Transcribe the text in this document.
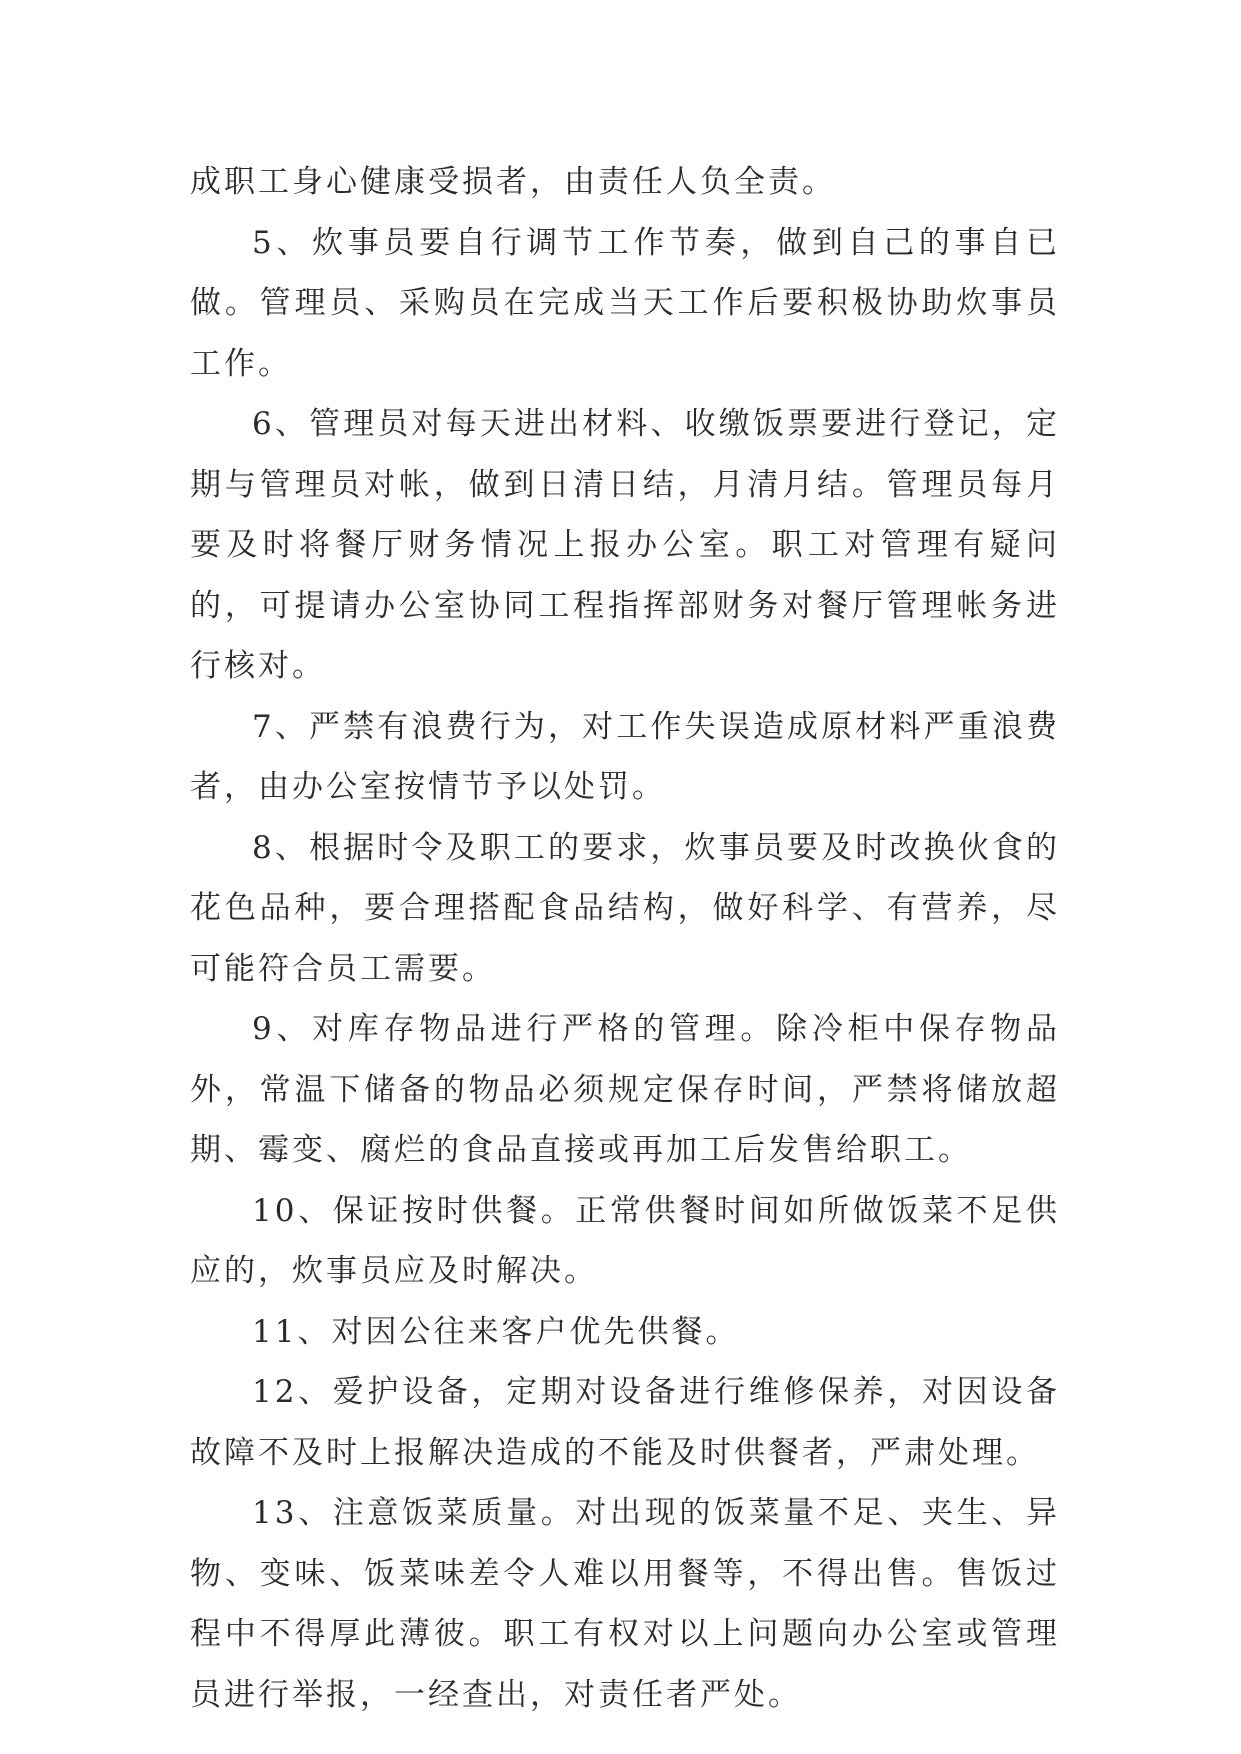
成职工身心健康受损者，由责任人负全责。

5、炊事员要自行调节工作节奏，做到自己的事自已做。管理员、采购员在完成当天工作后要积极协助炊事员工作。

6、管理员对每天进出材料、收缴饭票要进行登记，定期与管理员对帐，做到日清日结，月清月结。管理员每月要及时将餐厅财务情况上报办公室。职工对管理有疑问的，可提请办公室协同工程指挥部财务对餐厅管理帐务进行核对。

7、严禁有浪费行为，对工作失误造成原材料严重浪费者，由办公室按情节予以处罚。

8、根据时令及职工的要求，炊事员要及时改换伙食的花色品种，要合理搭配食品结构，做好科学、有营养，尽可能符合员工需要。

9、对库存物品进行严格的管理。除冷柜中保存物品外，常温下储备的物品必须规定保存时间，严禁将储放超期、霉变、腐烂的食品直接或再加工后发售给职工。

10、保证按时供餐。正常供餐时间如所做饭菜不足供应的，炊事员应及时解决。

11、对因公往来客户优先供餐。

12、爱护设备，定期对设备进行维修保养，对因设备故障不及时上报解决造成的不能及时供餐者，严肃处理。

13、注意饭菜质量。对出现的饭菜量不足、夹生、异物、变味、饭菜味差令人难以用餐等，不得出售。售饭过程中不得厚此薄彼。职工有权对以上问题向办公室或管理员进行举报，一经查出，对责任者严处。
